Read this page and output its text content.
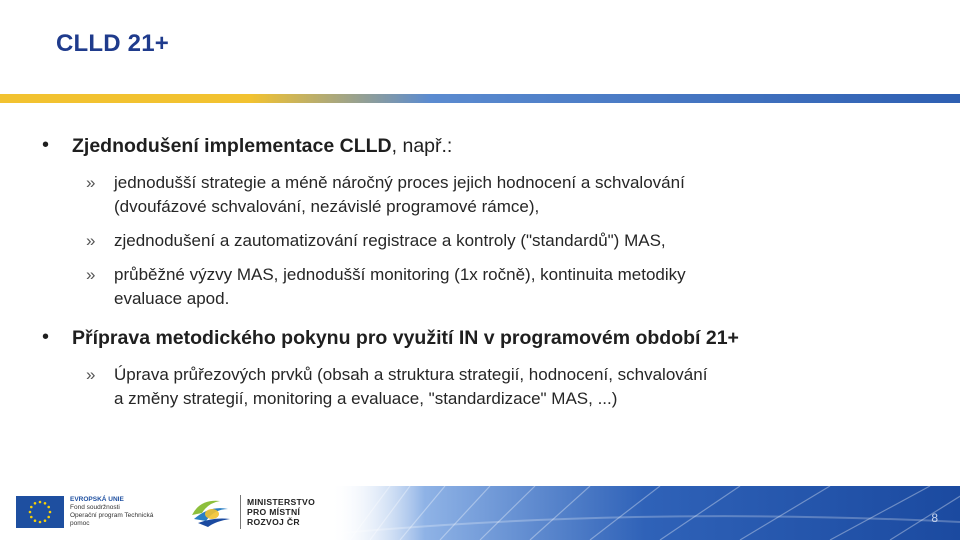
CLLD 21+
• Zjednodušení implementace CLLD, např.:
» jednodušší strategie a méně náročný proces jejich hodnocení a schvalování
(dvoufázové schvalování, nezávislé programové rámce),
» zjednodušení a zautomatizování registrace a kontroly ("standardů") MAS,
» průběžné výzvy MAS, jednodušší monitoring (1x ročně), kontinuita metodiky
evaluace apod.
• Příprava metodického pokynu pro využití IN v programovém období 21+
» Úprava průřezových prvků (obsah a struktura strategií, hodnocení, schvalování
a změny strategií, monitoring a evaluace, "standardizace" MAS, ...)
8
EVROPSKÁ UNIE
Fond soudržnosti
Operační program Technická pomoc
MINISTERSTVO
PRO MÍSTNÍ
ROZVOJ ČR
